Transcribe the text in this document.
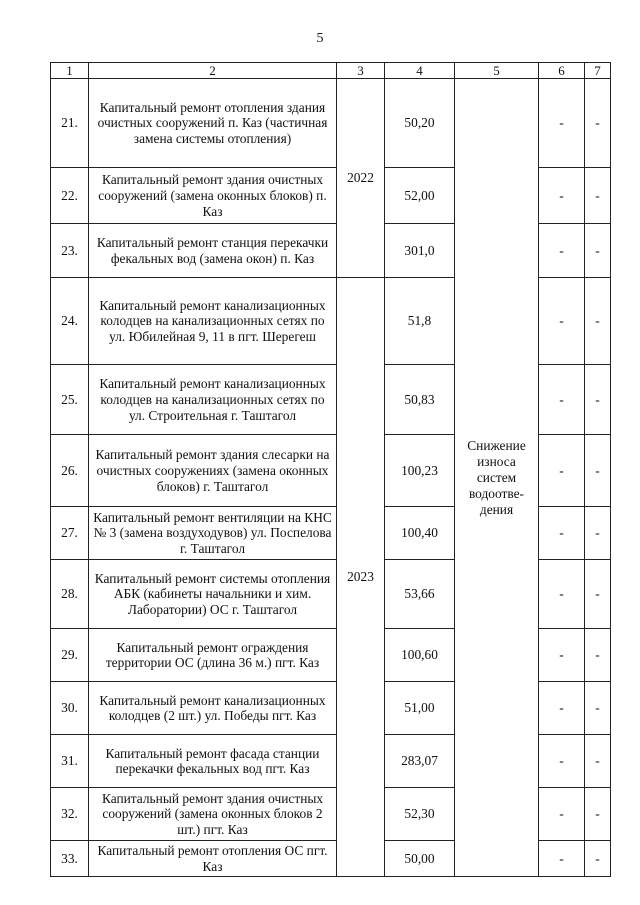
5
1	2	3	4	5	6	7
21.	Капитальный ремонт отопления здания очистных сооружений п. Каз (частичная замена системы отопления)	2022	50,20	Снижение износа систем водоотве-дения	-	-
22.	Капитальный ремонт здания очистных сооружений (замена оконных блоков) п. Каз		52,00		-	-
23.	Капитальный ремонт станция перекачки фекальных вод (замена окон) п. Каз		301,0		-	-
24.	Капитальный ремонт канализационных колодцев на канализационных сетях по ул. Юбилейная 9, 11 в пгт. Шерегеш	2023	51,8		-	-
25.	Капитальный ремонт канализационных колодцев на канализационных сетях по ул. Строительная г. Таштагол		50,83		-	-
26.	Капитальный ремонт здания слесарки на очистных сооружениях (замена оконных блоков) г. Таштагол		100,23		-	-
27.	Капитальный ремонт вентиляции на КНС № 3 (замена воздуходувов) ул. Поспелова г. Таштагол		100,40		-	-
28.	Капитальный ремонт системы отопления АБК (кабинеты начальники и хим. Лаборатории) ОС г. Таштагол		53,66		-	-
29.	Капитальный ремонт ограждения территории ОС (длина 36 м.) пгт. Каз		100,60		-	-
30.	Капитальный ремонт канализационных колодцев (2 шт.) ул. Победы пгт. Каз		51,00		-	-
31.	Капитальный ремонт фасада станции перекачки фекальных вод пгт. Каз		283,07		-	-
32.	Капитальный ремонт здания очистных сооружений (замена оконных блоков 2 шт.) пгт. Каз		52,30		-	-
33.	Капитальный ремонт отопления ОС пгт. Каз		50,00		-	-
